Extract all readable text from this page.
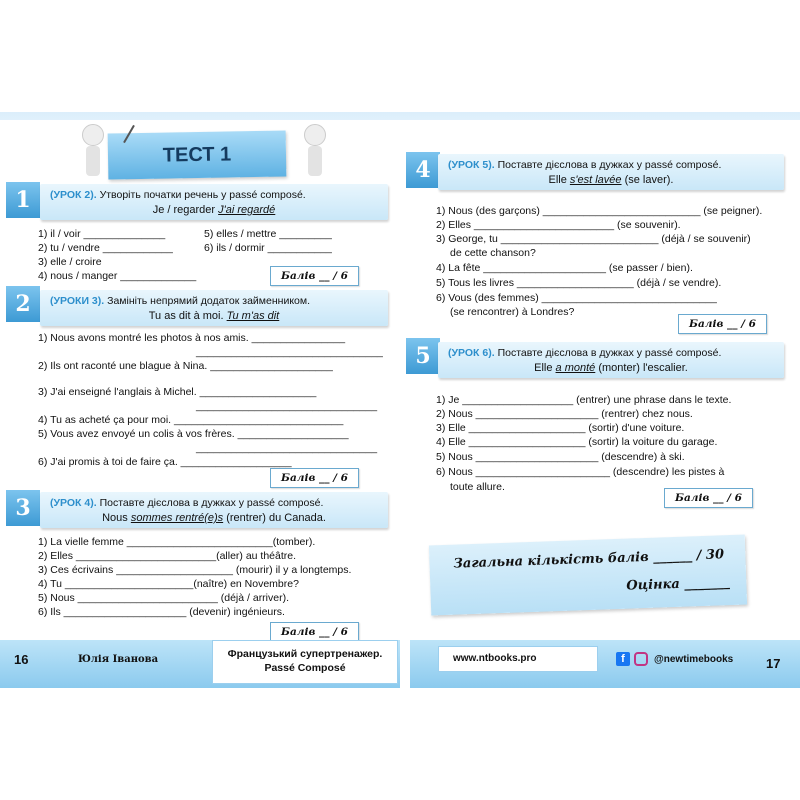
ТЕСТ 1
1	(УРОК 2). Утворіть початки речень у passé composé.
Je / regarder J'ai regardé
1) il / voir ______________
2) tu / vendre ____________
3) elle / croire
4) nous / manger _____________
5) elles / mettre _________
6) ils / dormir ___________
Балів __ / 6
2	(УРОКИ 3). Замініть непрямий додаток займенником.
Tu as dit à moi. Tu m'as dit
1) Nous avons montré les photos à nos amis. ________________
________________________________
2) Ils ont raconté une blague à Nina. _____________________
3) J'ai enseigné l'anglais à Michel. ____________________
_______________________________
4) Tu as acheté ça pour moi. _____________________________
5) Vous avez envoyé un colis à vos frères. ___________________
_______________________________
6) J'ai promis à toi de faire ça. ___________________
Балів __ / 6
3	(УРОК 4). Поставте дієслова в дужках у passé composé.
Nous sommes rentré(e)s (rentrer) du Canada.
1) La vielle femme _________________________(tomber).
2) Elles ________________________(aller) au théâtre.
3) Ces écrivains ____________________ (mourir) il y a longtemps.
4) Tu ______________________(naître) en Novembre?
5) Nous ________________________ (déjà / arriver).
6) Ils _____________________ (devenir) ingénieurs.
Балів __ / 6
16	Юлія Іванова	Французький супертренажер.
Passé Composé
4	(УРОК 5). Поставте дієслова в дужках у passé composé.
Elle s'est lavée (se laver).
1) Nous (des garçons) ___________________________ (se peigner).
2) Elles ________________________ (se souvenir).
3) George, tu ___________________________ (déjà / se souvenir)
de cette chanson?
4) La fête _____________________ (se passer / bien).
5) Tous les livres ____________________ (déjà / se vendre).
6) Vous (des femmes) ______________________________
(se rencontrer) à Londres?
Балів __ / 6
5	(УРОК 6). Поставте дієслова в дужках у passé composé.
Elle a monté (monter) l'escalier.
1) Je ___________________ (entrer) une phrase dans le texte.
2) Nous _____________________ (rentrer) chez nous.
3) Elle ____________________ (sortir) d'une voiture.
4) Elle ____________________ (sortir) la voiture du garage.
5) Nous _____________________ (descendre) à ski.
6) Nous _______________________ (descendre) les pistes à
toute allure.
Балів __ / 6
Загальна кількість балів ______ / 30
Оцінка _______
www.ntbooks.pro	f	@newtimebooks	17
